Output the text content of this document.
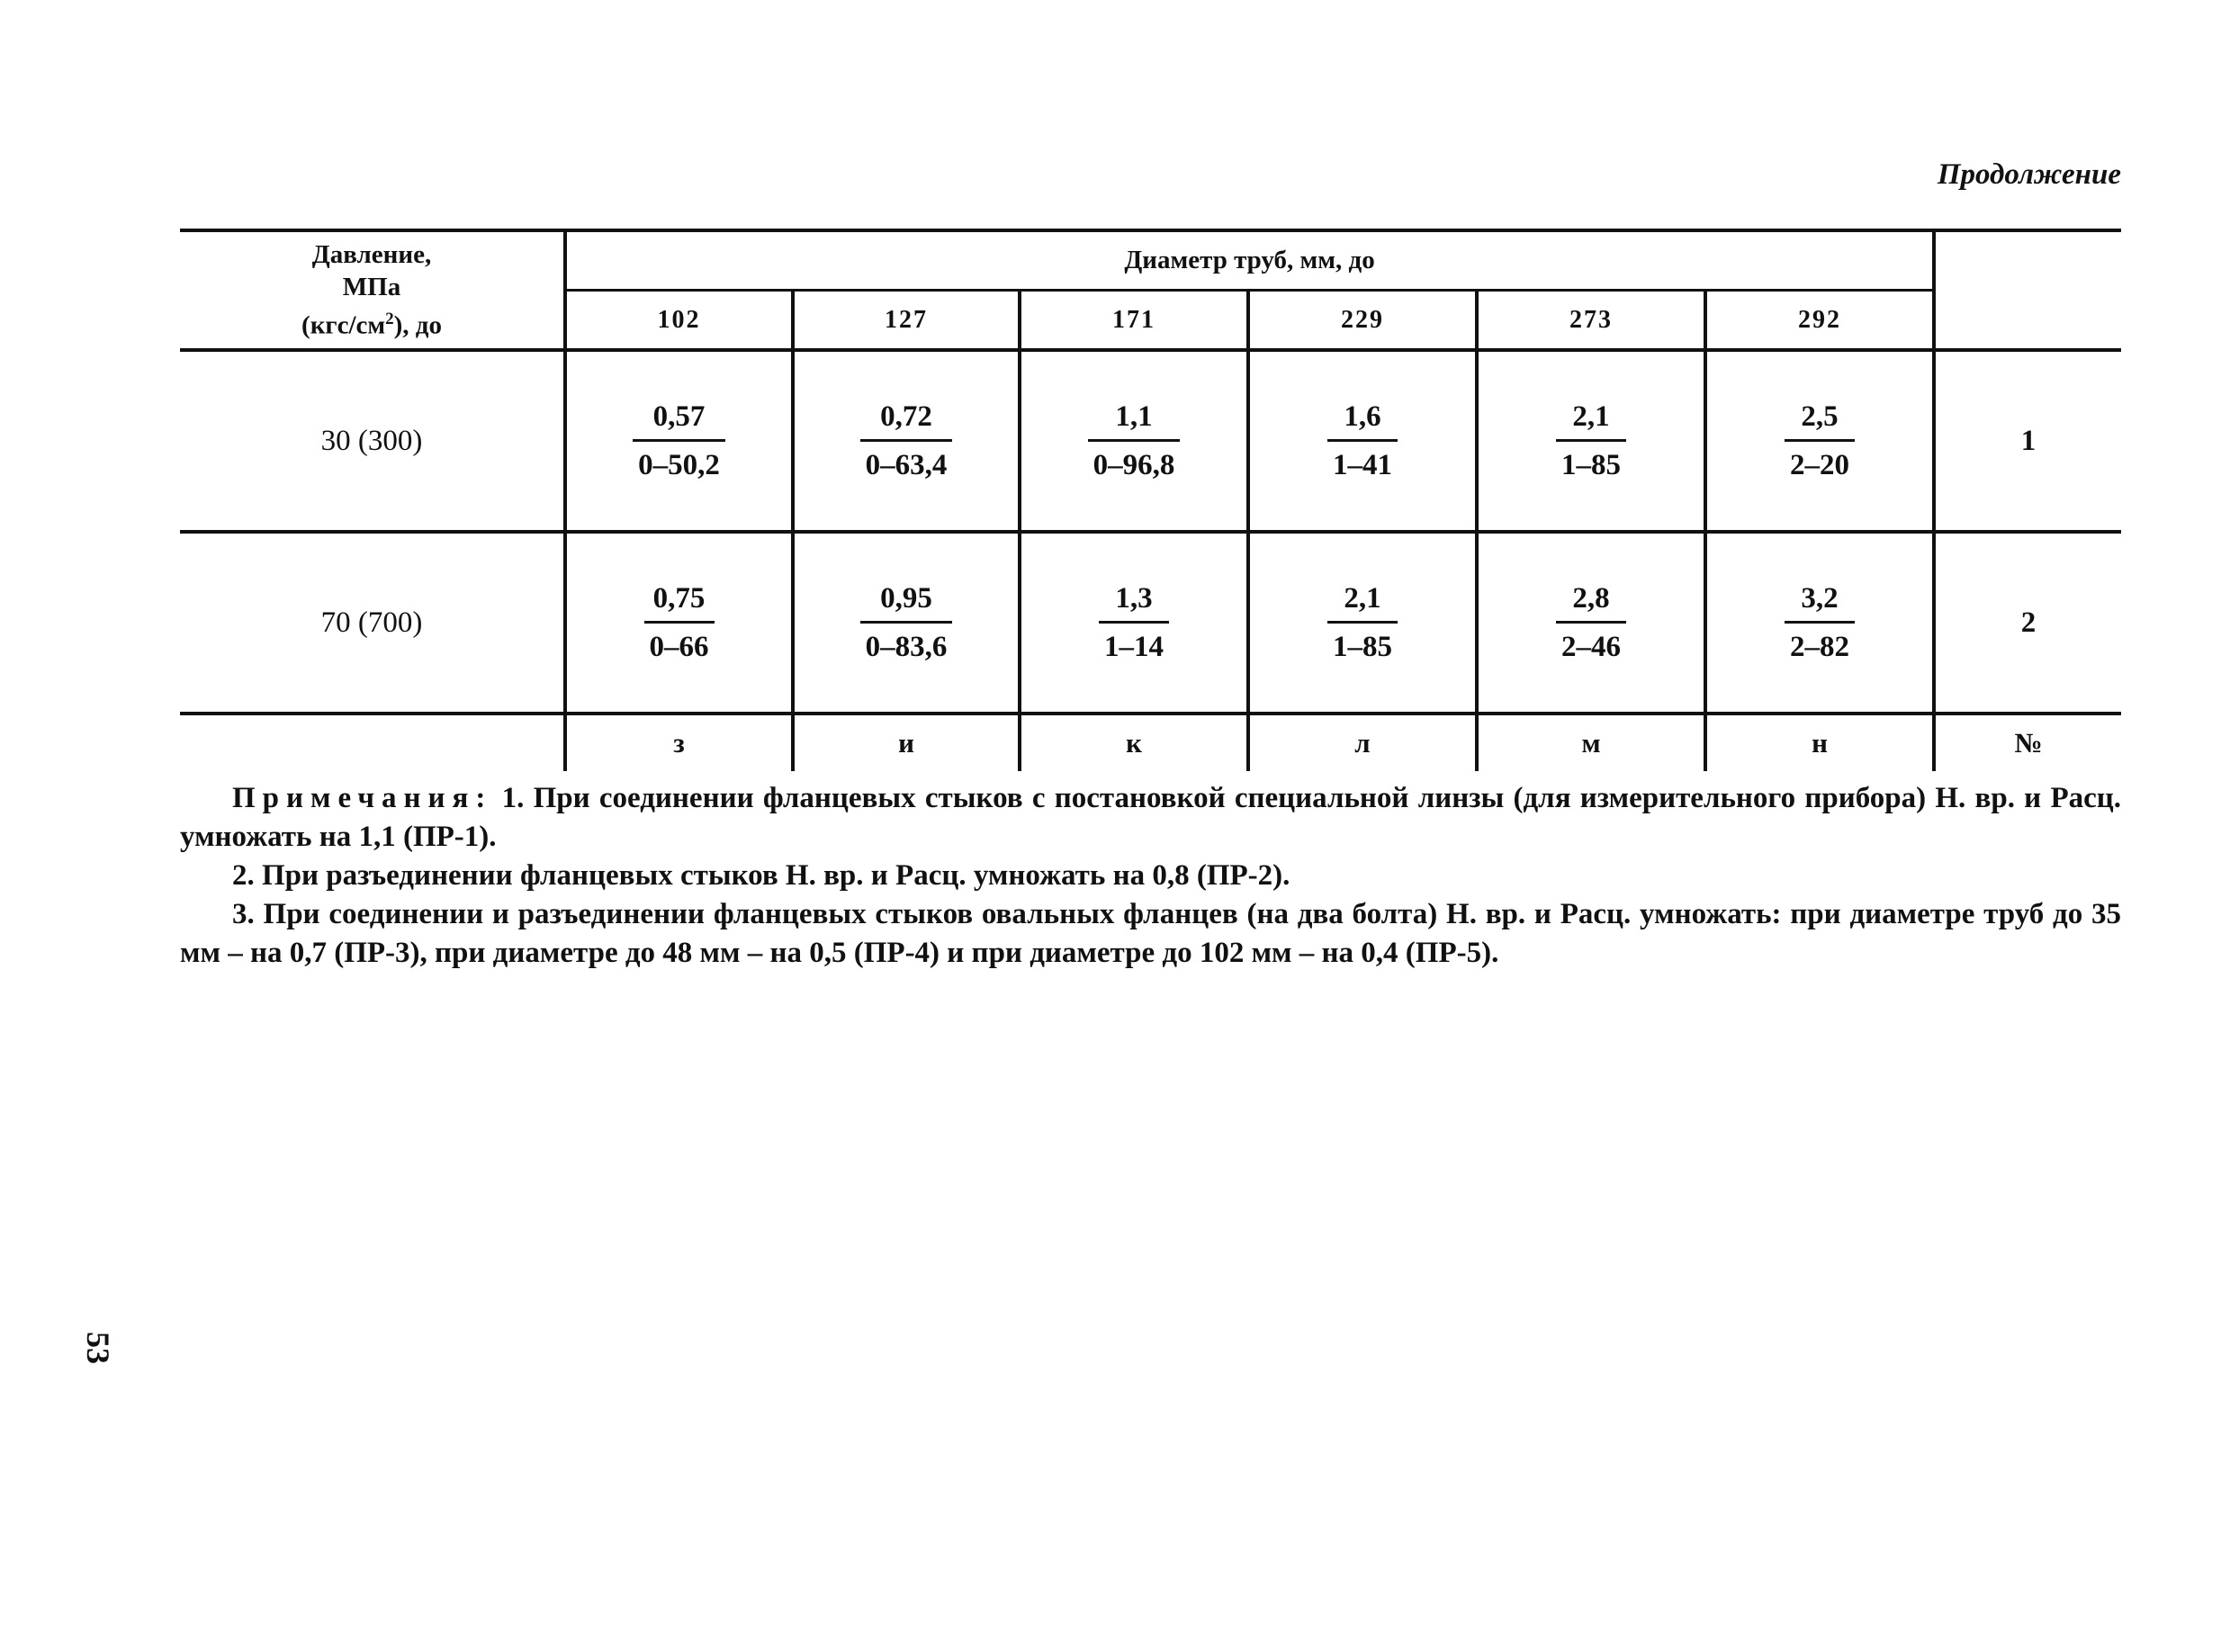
Продолжение
Давление,
МПа
$(кгс/см^2)$, до	Диаметр труб, мм, до						
	102	127	171	229	273	292	
30 (300)	$\frac{0,57}{0-50,2}$	$\frac{0,72}{0-63,4}$	$\frac{1,1}{0-96,8}$	$\frac{1,6}{1-41}$	$\frac{2,1}{1-85}$	$\frac{2,5}{2-20}$	1
70 (700)	$\frac{0,75}{0-66}$	$\frac{0,95}{0-83,6}$	$\frac{1,3}{1-14}$	$\frac{2,1}{1-85}$	$\frac{2,8}{2-46}$	$\frac{3,2}{2-82}$	2
	з	и	к	л	м	н	№

Примечания: 1. При соединении фланцевых стыков с постановкой специальной линзы (для измерительного прибора) Н. вр. и Расц. умножать на 1,1 (ПР-1).

2. При разъединении фланцевых стыков Н. вр. и Расц. умножать на 0,8 (ПР-2).

3. При соединении и разъединении фланцевых стыков овальных фланцев (на два болта) Н. вр. и Расц. умножать: при диаметре труб до 35 мм – на 0,7 (ПР-3), при диаметре до 48 мм – на 0,5 (ПР-4) и при диаметре до 102 мм – на 0,4 (ПР-5).

53
